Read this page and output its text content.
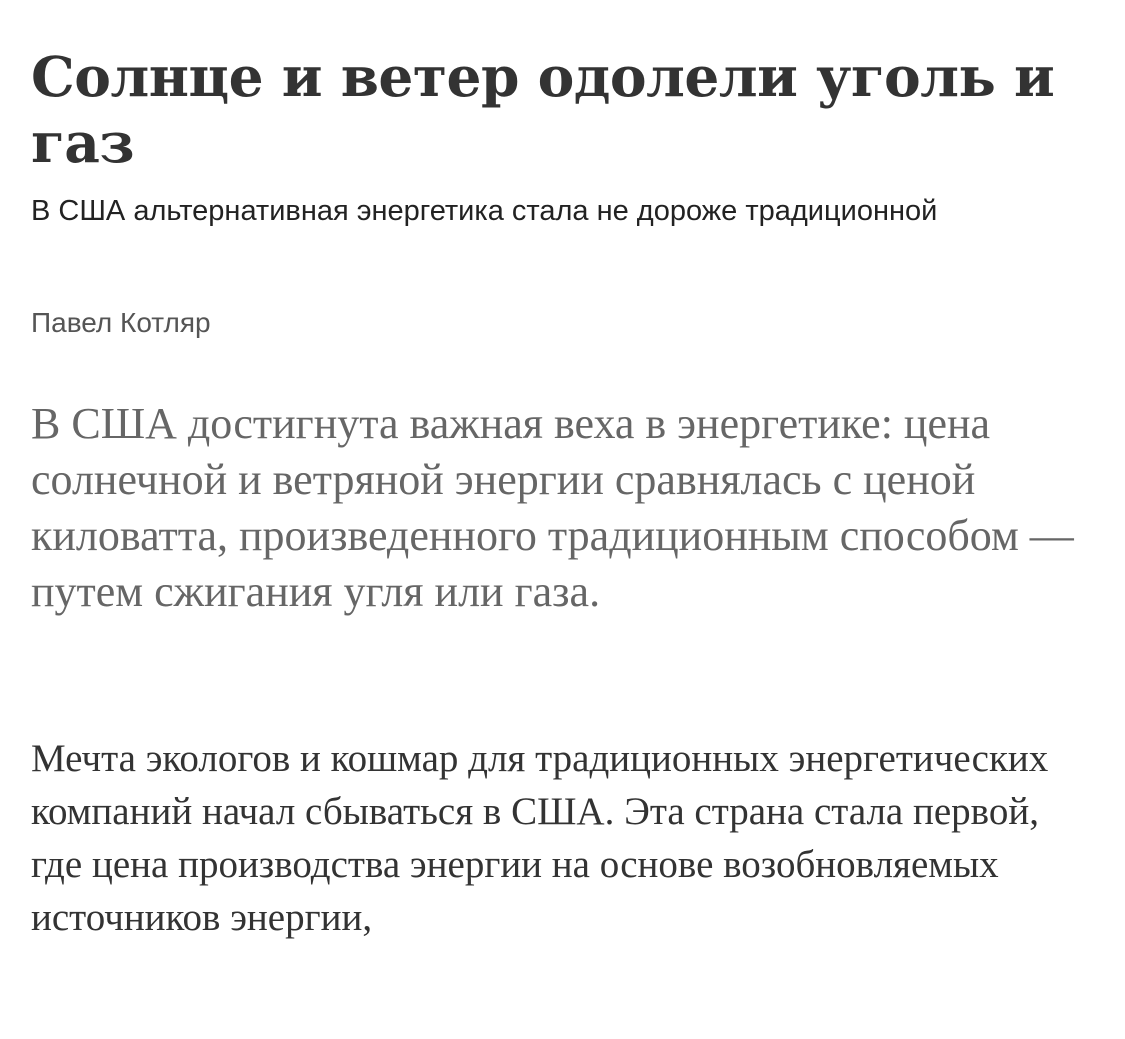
Солнце и ветер одолели уголь и газ

В США альтернативная энергетика стала не дороже традиционной

Павел Котляр

В США достигнута важная веха в энергетике: цена солнечной и ветряной энергии сравнялась с ценой киловатта, произведенного традиционным способом — путем сжигания угля или газа.

Мечта экологов и кошмар для традиционных энергетических компаний начал сбываться в США. Эта страна стала первой, где цена производства энергии на основе возобновляемых источников энергии,
